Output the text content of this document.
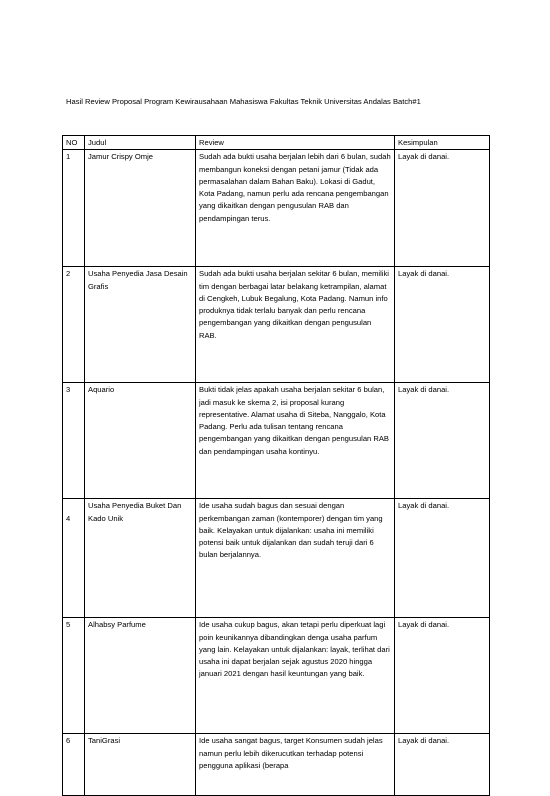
Hasil Review Proposal Program Kewirausahaan Mahasiswa Fakultas Teknik Universitas Andalas Batch#1
NO	Judul	Review	Kesimpulan
1	Jamur Crispy Omje	Sudah ada bukti usaha berjalan lebih dari 6 bulan, sudah membangun koneksi dengan petani jamur (Tidak ada permasalahan dalam Bahan Baku). Lokasi di Gadut, Kota Padang, namun perlu ada rencana pengembangan yang dikaitkan dengan pengusulan RAB dan pendampingan terus.	Layak di danai.
2	Usaha Penyedia Jasa Desain Grafis	Sudah ada bukti usaha berjalan sekitar 6 bulan, memiliki tim dengan berbagai latar belakang ketrampilan, alamat di Cengkeh, Lubuk Begalung, Kota Padang. Namun info produknya tidak terlalu banyak dan perlu rencana pengembangan yang dikaitkan dengan pengusulan RAB.	Layak di danai.
3	Aquario	Bukti tidak jelas apakah usaha berjalan sekitar 6 bulan, jadi masuk ke skema 2, isi proposal kurang representative. Alamat usaha di Siteba, Nanggalo, Kota Padang. Perlu ada tulisan tentang rencana pengembangan yang dikaitkan dengan pengusulan RAB dan pendampingan usaha kontinyu.	Layak di danai.
4	Usaha Penyedia Buket Dan Kado Unik	Ide usaha sudah bagus dan sesuai dengan perkembangan zaman (kontemporer) dengan tim yang baik. Kelayakan untuk dijalankan: usaha ini memiliki potensi baik untuk dijalankan dan sudah teruji dari 6 bulan berjalannya.	Layak di danai.
5	Alhabsy Parfume	Ide usaha cukup bagus, akan tetapi perlu diperkuat lagi poin keunikannya dibandingkan denga usaha parfum yang lain. Kelayakan untuk dijalankan: layak, terlihat dari usaha ini dapat berjalan sejak agustus 2020 hingga januari 2021 dengan hasil keuntungan yang baik.	Layak di danai.
6	TaniGrasi	Ide usaha sangat bagus, target Konsumen sudah jelas namun perlu lebih dikerucutkan terhadap potensi pengguna aplikasi (berapa	Layak di danai.
